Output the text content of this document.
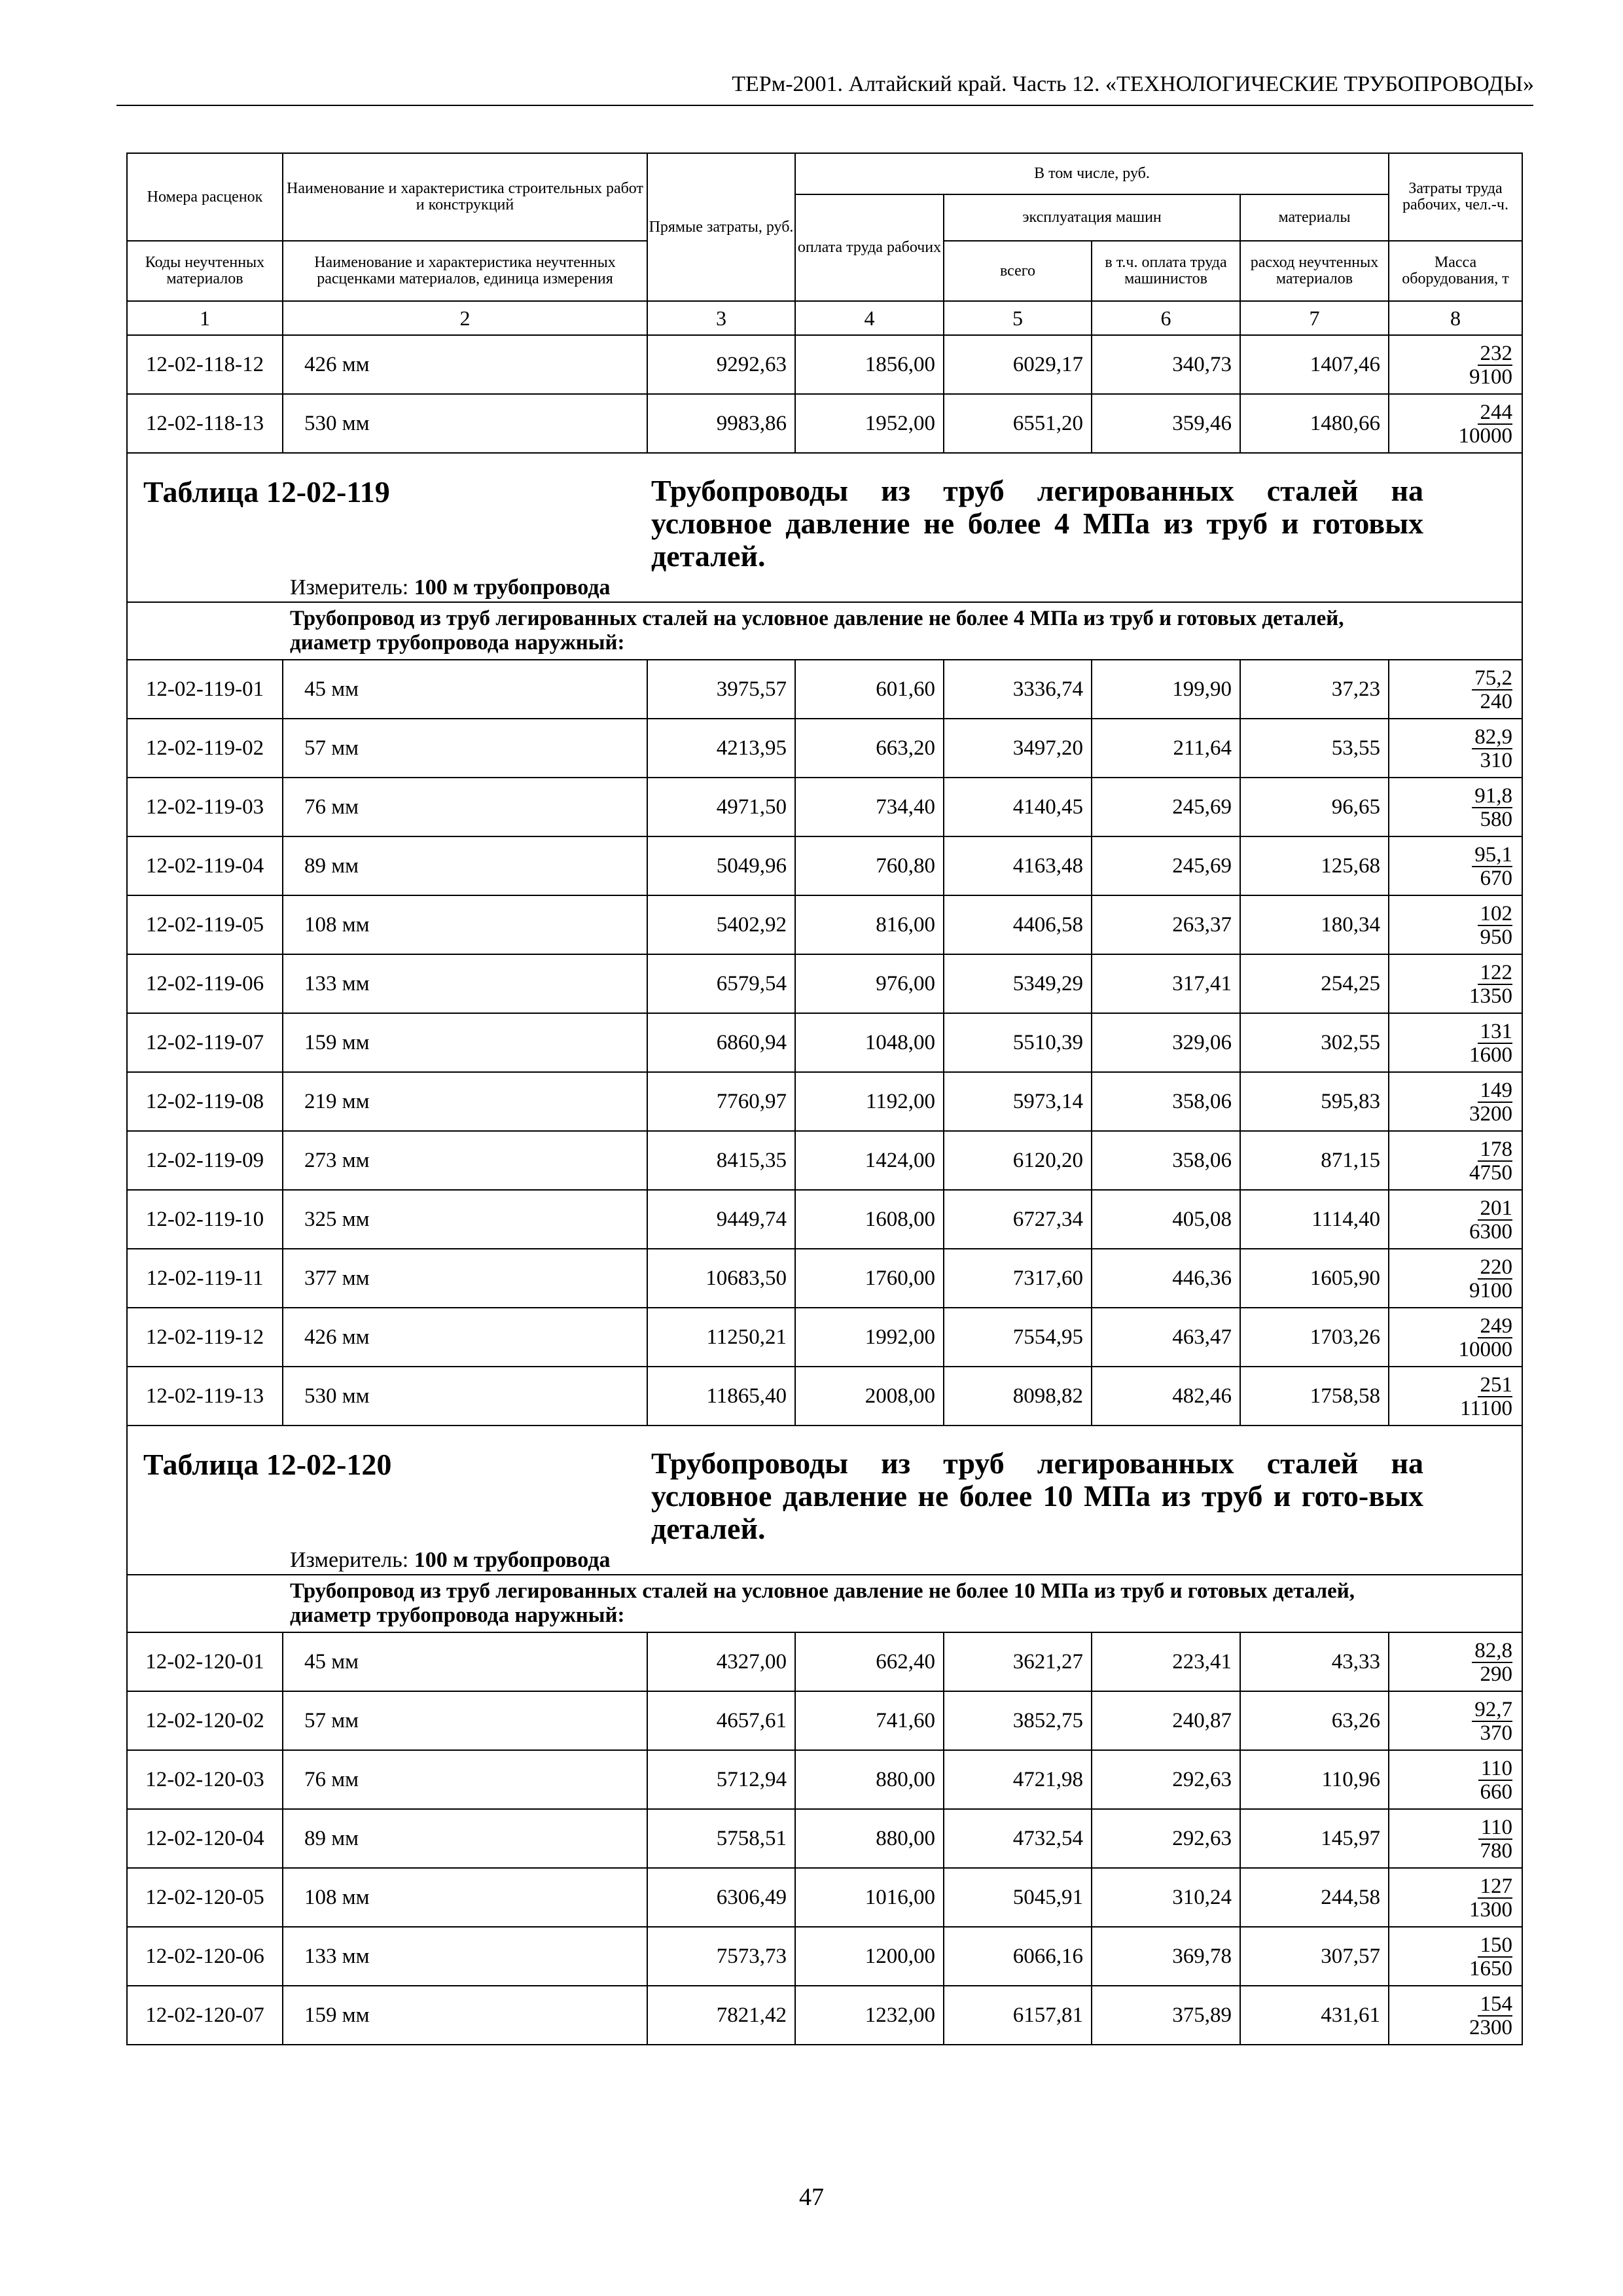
ТЕРм-2001. Алтайский край. Часть 12. «ТЕХНОЛОГИЧЕСКИЕ ТРУБОПРОВОДЫ»
Номера расценок	Наименование и характеристика строительных работ и конструкций	Прямые затраты, руб.	В том числе, руб.				Затраты труда рабочих, чел.-ч.
			оплата труда рабочих	эксплуатация машин		материалы	
Коды неучтенных материалов	Наименование и характеристика неучтенных расценками материалов, единица измерения			всего	в т.ч. оплата труда машинистов	расход неучтенных материалов	Масса оборудования, т
1	2	3	4	5	6	7	8
12-02-118-12	426 мм	9292,63	1856,00	6029,17	340,73	1407,46	$\frac{232}{9100}$

12-02-118-13	530 мм	9983,86	1952,00	6551,20	359,46	1480,66	$\frac{244}{10000}$

Таблица 12-02-119 Трубопроводы из труб легированных сталей на условное давление не более 4 МПа из труб и готовых деталей.
Измеритель: 100 м трубопровода							

Трубопровод из труб легированных сталей на условное давление не более 4 МПа из труб и готовых деталей, диаметр трубопровода наружный:							
12-02-119-01	45 мм	3975,57	601,60	3336,74	199,90	37,23	$\frac{75,2}{240}$

12-02-119-02	57 мм	4213,95	663,20	3497,20	211,64	53,55	$\frac{82,9}{310}$

12-02-119-03	76 мм	4971,50	734,40	4140,45	245,69	96,65	$\frac{91,8}{580}$

12-02-119-04	89 мм	5049,96	760,80	4163,48	245,69	125,68	$\frac{95,1}{670}$

12-02-119-05	108 мм	5402,92	816,00	4406,58	263,37	180,34	$\frac{102}{950}$

12-02-119-06	133 мм	6579,54	976,00	5349,29	317,41	254,25	$\frac{122}{1350}$

12-02-119-07	159 мм	6860,94	1048,00	5510,39	329,06	302,55	$\frac{131}{1600}$

12-02-119-08	219 мм	7760,97	1192,00	5973,14	358,06	595,83	$\frac{149}{3200}$

12-02-119-09	273 мм	8415,35	1424,00	6120,20	358,06	871,15	$\frac{178}{4750}$

12-02-119-10	325 мм	9449,74	1608,00	6727,34	405,08	1114,40	$\frac{201}{6300}$

12-02-119-11	377 мм	10683,50	1760,00	7317,60	446,36	1605,90	$\frac{220}{9100}$

12-02-119-12	426 мм	11250,21	1992,00	7554,95	463,47	1703,26	$\frac{249}{10000}$

12-02-119-13	530 мм	11865,40	2008,00	8098,82	482,46	1758,58	$\frac{251}{11100}$

Таблица 12-02-120 Трубопроводы из труб легированных сталей на условное давление не более 10 МПа из труб и гото-вых деталей.
Измеритель: 100 м трубопровода							

Трубопровод из труб легированных сталей на условное давление не более 10 МПа из труб и готовых деталей, диаметр трубопровода наружный:							
12-02-120-01	45 мм	4327,00	662,40	3621,27	223,41	43,33	$\frac{82,8}{290}$

12-02-120-02	57 мм	4657,61	741,60	3852,75	240,87	63,26	$\frac{92,7}{370}$

12-02-120-03	76 мм	5712,94	880,00	4721,98	292,63	110,96	$\frac{110}{660}$

12-02-120-04	89 мм	5758,51	880,00	4732,54	292,63	145,97	$\frac{110}{780}$

12-02-120-05	108 мм	6306,49	1016,00	5045,91	310,24	244,58	$\frac{127}{1300}$

12-02-120-06	133 мм	7573,73	1200,00	6066,16	369,78	307,57	$\frac{150}{1650}$

12-02-120-07	159 мм	7821,42	1232,00	6157,81	375,89	431,61	$\frac{154}{2300}$
47
